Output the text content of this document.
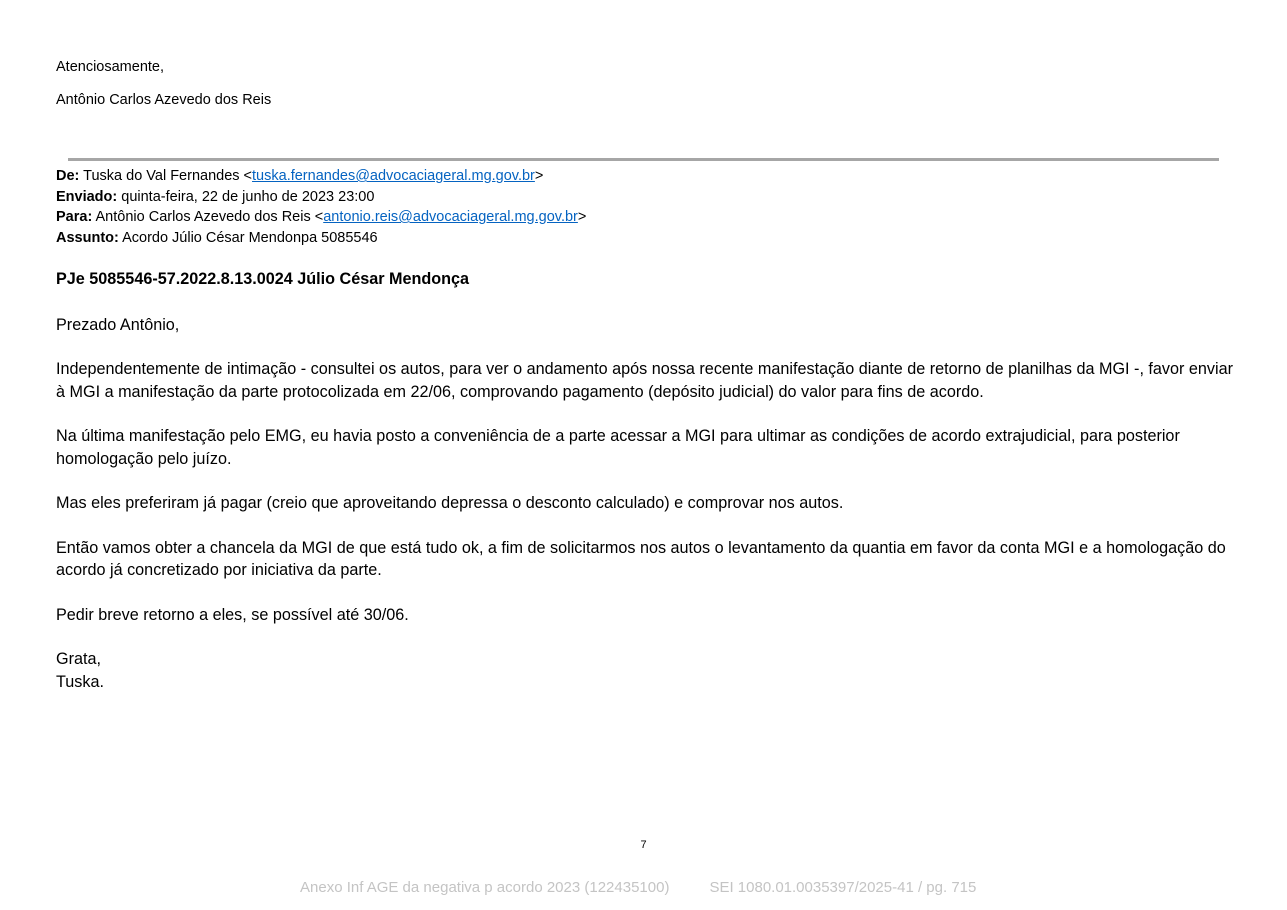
Atenciosamente,
Antônio Carlos Azevedo dos Reis
De: Tuska do Val Fernandes <tuska.fernandes@advocaciageral.mg.gov.br>
Enviado: quinta-feira, 22 de junho de 2023 23:00
Para: Antônio Carlos Azevedo dos Reis <antonio.reis@advocaciageral.mg.gov.br>
Assunto: Acordo Júlio César Mendonpa 5085546

PJe 5085546-57.2022.8.13.0024 Júlio César Mendonça

Prezado Antônio,

Independentemente de intimação - consultei os autos, para ver o andamento após nossa recente manifestação diante de retorno de planilhas da MGI -, favor enviar à MGI a manifestação da parte protocolizada em 22/06, comprovando pagamento (depósito judicial) do valor para fins de acordo.

Na última manifestação pelo EMG, eu havia posto a conveniência de a parte acessar a MGI para ultimar as condições de acordo extrajudicial, para posterior homologação pelo juízo.

Mas eles preferiram já pagar (creio que aproveitando depressa o desconto calculado) e comprovar nos autos.

Então vamos obter a chancela da MGI de que está tudo ok, a fim de solicitarmos nos autos o levantamento da quantia em favor da conta MGI e a homologação do acordo já concretizado por iniciativa da parte.

Pedir breve retorno a eles, se possível até 30/06.

Grata,

Tuska.

7
Anexo Inf AGE da negativa p acordo 2023 (122435100)	SEI 1080.01.0035397/2025-41 / pg. 715
